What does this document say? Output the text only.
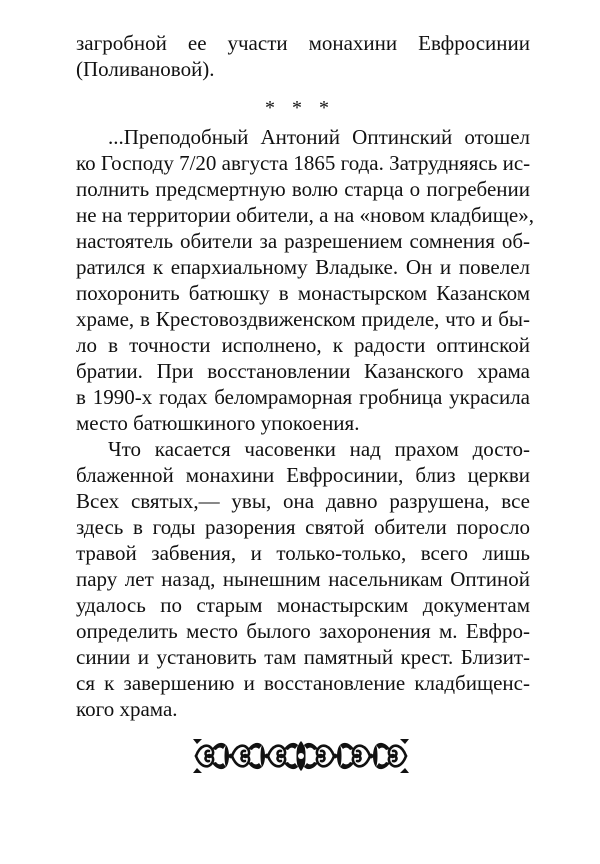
загробной ее участи монахини Евфросинии
(Поливановой).
* * *
...Преподобный Антоний Оптинский отошел
ко Господу 7/20 августа 1865 года. Затрудняясь ис-
полнить предсмертную волю старца о погребении
не на территории обители, а на «новом кладбище»,
настоятель обители за разрешением сомнения об-
ратился к епархиальному Владыке. Он и повелел
похоронить батюшку в монастырском Казанском
храме, в Крестовоздвиженском приделе, что и бы-
ло в точности исполнено, к радости оптинской
братии. При восстановлении Казанского храма
в 1990-х годах беломраморная гробница украсила
место батюшкиного упокоения.
Что касается часовенки над прахом досто-
блаженной монахини Евфросинии, близ церкви
Всех святых,— увы, она давно разрушена, все
здесь в годы разорения святой обители поросло
травой забвения, и только-только, всего лишь
пару лет назад, нынешним насельникам Оптиной
удалось по старым монастырским документам
определить место былого захоронения м. Евфро-
синии и установить там памятный крест. Близит-
ся к завершению и восстановление кладбищенс-
кого храма.
